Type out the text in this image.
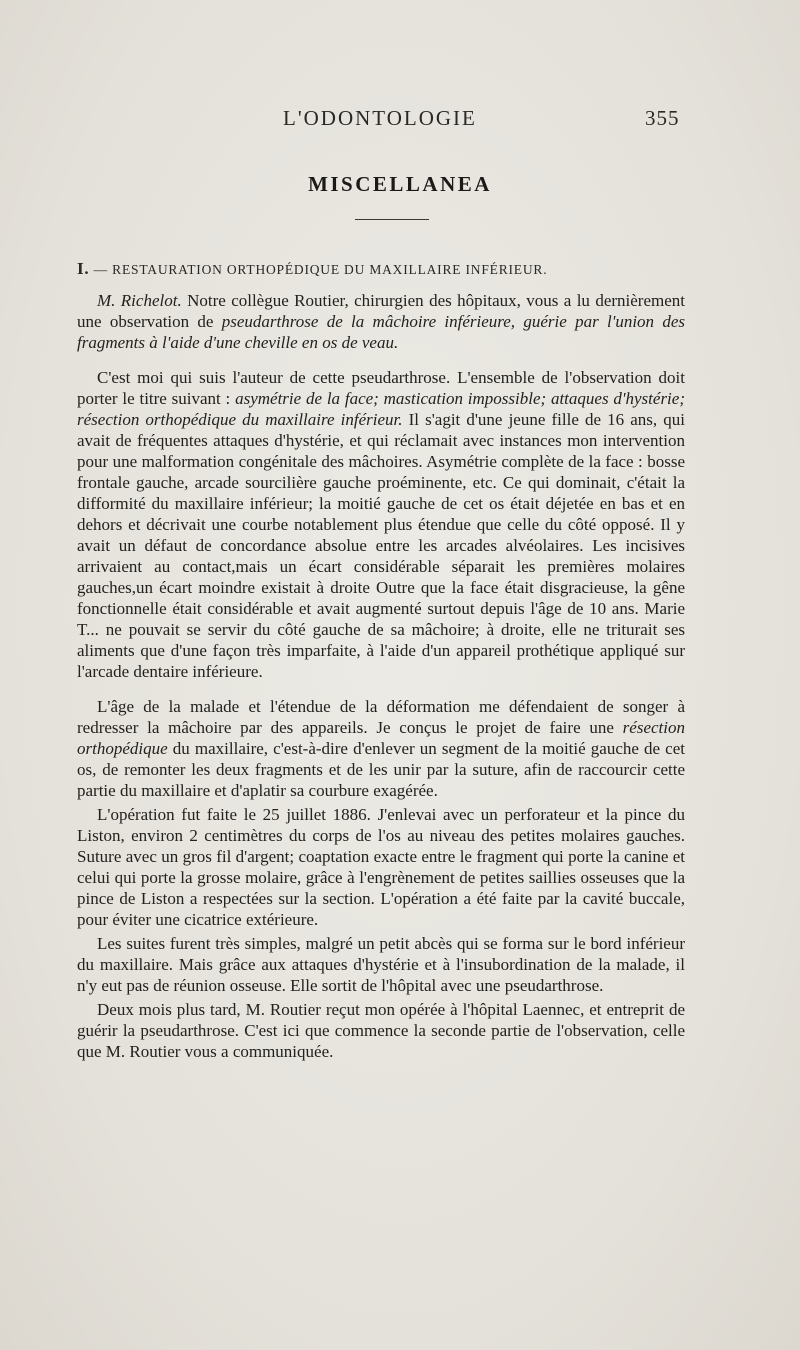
L'ODONTOLOGIE	355
MISCELLANEA
I. — RESTAURATION ORTHOPÉDIQUE DU MAXILLAIRE INFÉRIEUR.

M. Richelot. Notre collègue Routier, chirurgien des hôpitaux, vous a lu dernièrement une observation de pseudarthrose de la mâchoire inférieure, guérie par l'union des fragments à l'aide d'une cheville en os de veau.

C'est moi qui suis l'auteur de cette pseudarthrose. L'ensemble de l'observation doit porter le titre suivant : asymétrie de la face; mastication impossible; attaques d'hystérie; résection orthopédique du maxillaire inférieur. Il s'agit d'une jeune fille de 16 ans, qui avait de fréquentes attaques d'hystérie, et qui réclamait avec instances mon intervention pour une malformation congénitale des mâchoires. Asymétrie complète de la face : bosse frontale gauche, arcade sourcilière gauche proéminente, etc. Ce qui dominait, c'était la difformité du maxillaire inférieur; la moitié gauche de cet os était déjetée en bas et en dehors et décrivait une courbe notablement plus étendue que celle du côté opposé. Il y avait un défaut de concordance absolue entre les arcades alvéolaires. Les incisives arrivaient au contact,mais un écart considérable séparait les premières molaires gauches,un écart moindre existait à droite Outre que la face était disgracieuse, la gêne fonctionnelle était considérable et avait augmenté surtout depuis l'âge de 10 ans. Marie T... ne pouvait se servir du côté gauche de sa mâchoire; à droite, elle ne triturait ses aliments que d'une façon très imparfaite, à l'aide d'un appareil prothétique appliqué sur l'arcade dentaire inférieure.

L'âge de la malade et l'étendue de la déformation me défendaient de songer à redresser la mâchoire par des appareils. Je conçus le projet de faire une résection orthopédique du maxillaire, c'est-à-dire d'enlever un segment de la moitié gauche de cet os, de remonter les deux fragments et de les unir par la suture, afin de raccourcir cette partie du maxillaire et d'aplatir sa courbure exagérée.

L'opération fut faite le 25 juillet 1886. J'enlevai avec un perforateur et la pince du Liston, environ 2 centimètres du corps de l'os au niveau des petites molaires gauches. Suture avec un gros fil d'argent; coaptation exacte entre le fragment qui porte la canine et celui qui porte la grosse molaire, grâce à l'engrènement de petites saillies osseuses que la pince de Liston a respectées sur la section. L'opération a été faite par la cavité buccale, pour éviter une cicatrice extérieure.

Les suites furent très simples, malgré un petit abcès qui se forma sur le bord inférieur du maxillaire. Mais grâce aux attaques d'hystérie et à l'insubordination de la malade, il n'y eut pas de réunion osseuse. Elle sortit de l'hôpital avec une pseudarthrose.

Deux mois plus tard, M. Routier reçut mon opérée à l'hôpital Laennec, et entreprit de guérir la pseudarthrose. C'est ici que commence la seconde partie de l'observation, celle que M. Routier vous a communiquée.
